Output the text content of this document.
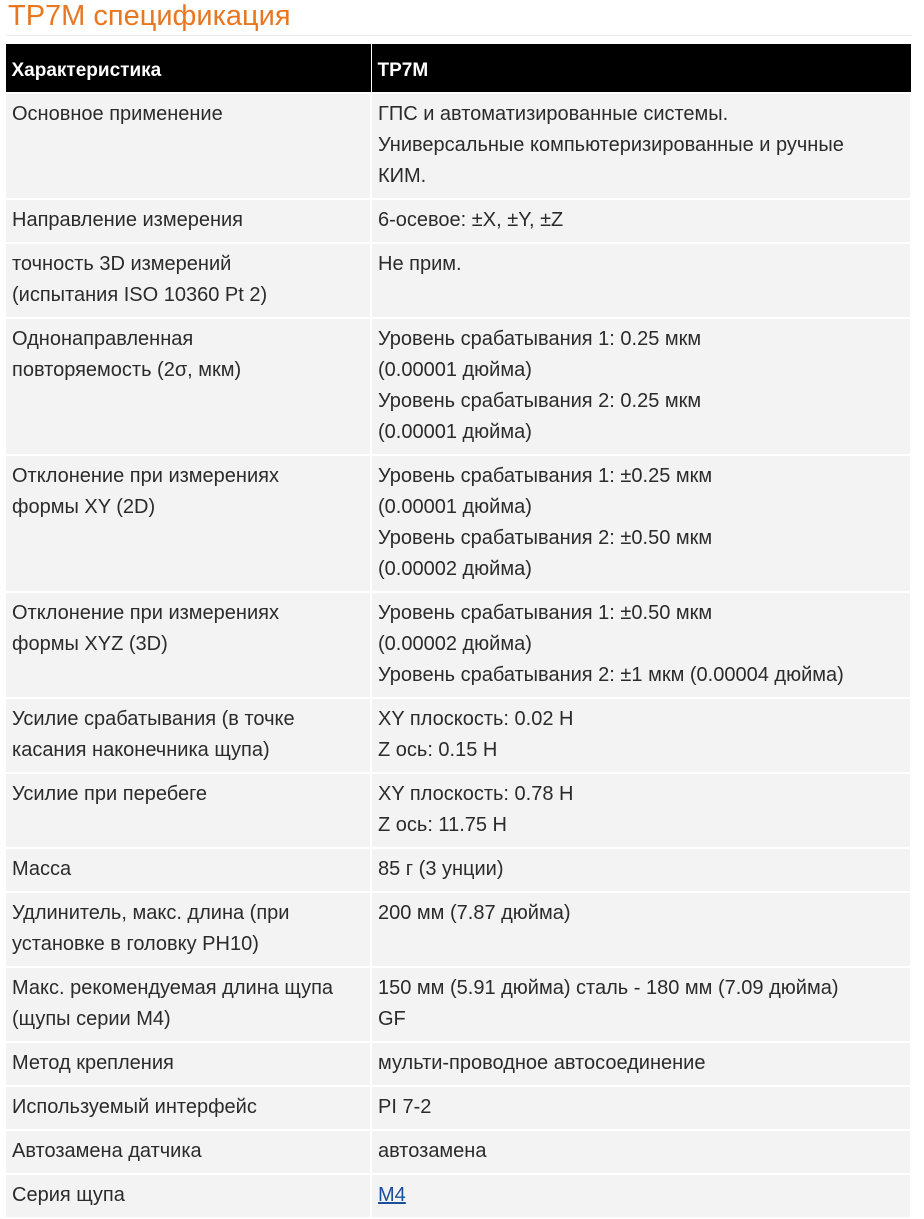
TP7M спецификация
Характеристика	TP7M

Основное применение	ГПС и автоматизированные системы.
Универсальные компьютеризированные и ручные
КИМ.

Направление измерения	6-осевое: ±X, ±Y, ±Z

точность 3D измерений
(испытания ISO 10360 Pt 2)	Не прим.

Однонаправленная
повторяемость (2σ, мкм)	Уровень срабатывания 1: 0.25 мкм
(0.00001 дюйма)
Уровень срабатывания 2: 0.25 мкм
(0.00001 дюйма)

Отклонение при измерениях
формы XY (2D)	Уровень срабатывания 1: ±0.25 мкм
(0.00001 дюйма)
Уровень срабатывания 2: ±0.50 мкм
(0.00002 дюйма)

Отклонение при измерениях
формы XYZ (3D)	Уровень срабатывания 1: ±0.50 мкм
(0.00002 дюйма)
Уровень срабатывания 2: ±1 мкм (0.00004 дюйма)

Усилие срабатывания (в точке
касания наконечника щупа)	XY плоскость: 0.02 Н
Z ось: 0.15 Н

Усилие при перебеге	XY плоскость: 0.78 Н
Z ось: 11.75 Н

Масса	85 г (3 унции)

Удлинитель, макс. длина (при
установке в головку PH10)	200 мм (7.87 дюйма)

Макс. рекомендуемая длина щупа
(щупы серии M4)	150 мм (5.91 дюйма) сталь - 180 мм (7.09 дюйма)
GF

Метод крепления	мульти-проводное автосоединение

Используемый интерфейс	PI 7-2

Автозамена датчика	автозамена

Серия щупа	M4
